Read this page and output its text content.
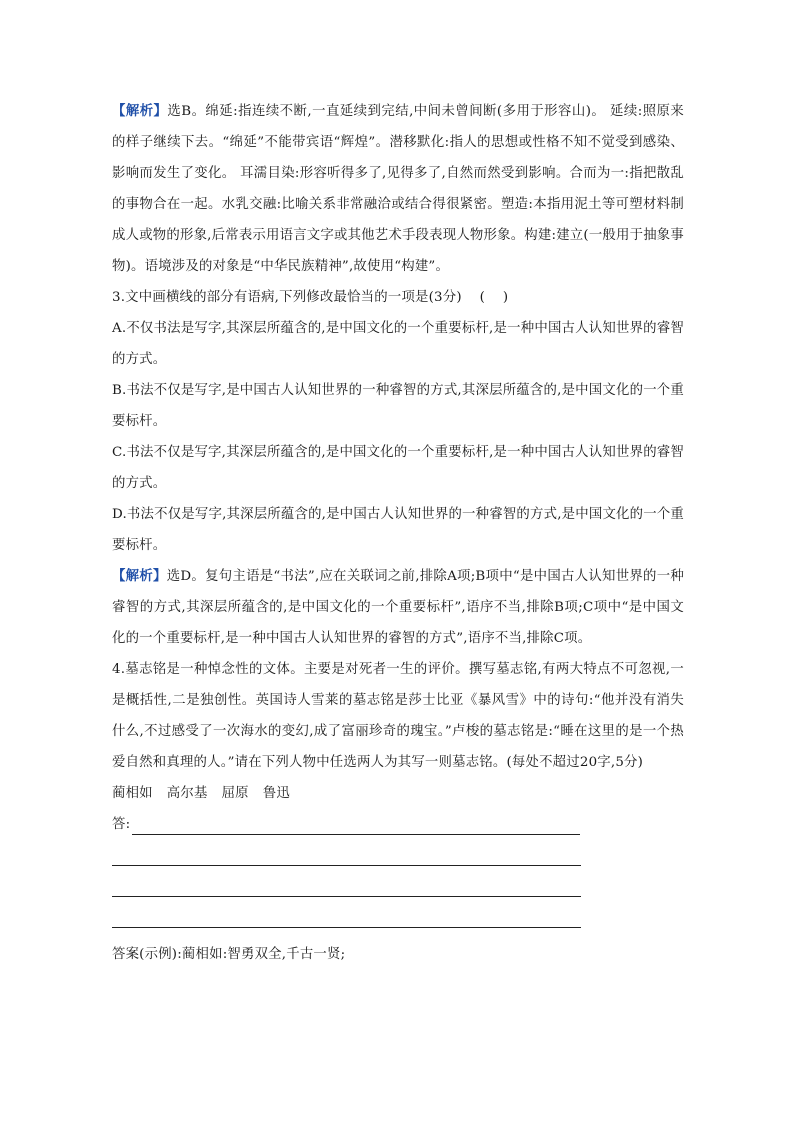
【解析】选B。绵延:指连续不断,一直延续到完结,中间未曾间断(多用于形容山)。 延续:照原来的样子继续下去。“绵延”不能带宾语“辉煌”。潜移默化:指人的思想或性格不知不觉受到感染、影响而发生了变化。 耳濡目染:形容听得多了,见得多了,自然而然受到影响。合而为一:指把散乱的事物合在一起。水乳交融:比喻关系非常融洽或结合得很紧密。塑造:本指用泥土等可塑材料制成人或物的形象,后常表示用语言文字或其他艺术手段表现人物形象。构建:建立(一般用于抽象事物)。语境涉及的对象是“中华民族精神”,故使用“构建”。

3.文中画横线的部分有语病,下列修改最恰当的一项是(3分)    (    )

A.不仅书法是写字,其深层所蕴含的,是中国文化的一个重要标杆,是一种中国古人认知世界的睿智的方式。

B.书法不仅是写字,是中国古人认知世界的一种睿智的方式,其深层所蕴含的,是中国文化的一个重要标杆。

C.书法不仅是写字,其深层所蕴含的,是中国文化的一个重要标杆,是一种中国古人认知世界的睿智的方式。

D.书法不仅是写字,其深层所蕴含的,是中国古人认知世界的一种睿智的方式,是中国文化的一个重要标杆。

【解析】选D。复句主语是“书法”,应在关联词之前,排除A项;B项中“是中国古人认知世界的一种睿智的方式,其深层所蕴含的,是中国文化的一个重要标杆”,语序不当,排除B项;C项中“是中国文化的一个重要标杆,是一种中国古人认知世界的睿智的方式”,语序不当,排除C项。

4.墓志铭是一种悼念性的文体。主要是对死者一生的评价。撰写墓志铭,有两大特点不可忽视,一是概括性,二是独创性。英国诗人雪莱的墓志铭是莎士比亚《暴风雪》中的诗句:“他并没有消失什么,不过感受了一次海水的变幻,成了富丽珍奇的瑰宝。”卢梭的墓志铭是:“睡在这里的是一个热爱自然和真理的人。”请在下列人物中任选两人为其写一则墓志铭。(每处不超过20字,5分)

蔺相如 高尔基 屈原 鲁迅

答:

答案(示例):蔺相如:智勇双全,千古一贤;
